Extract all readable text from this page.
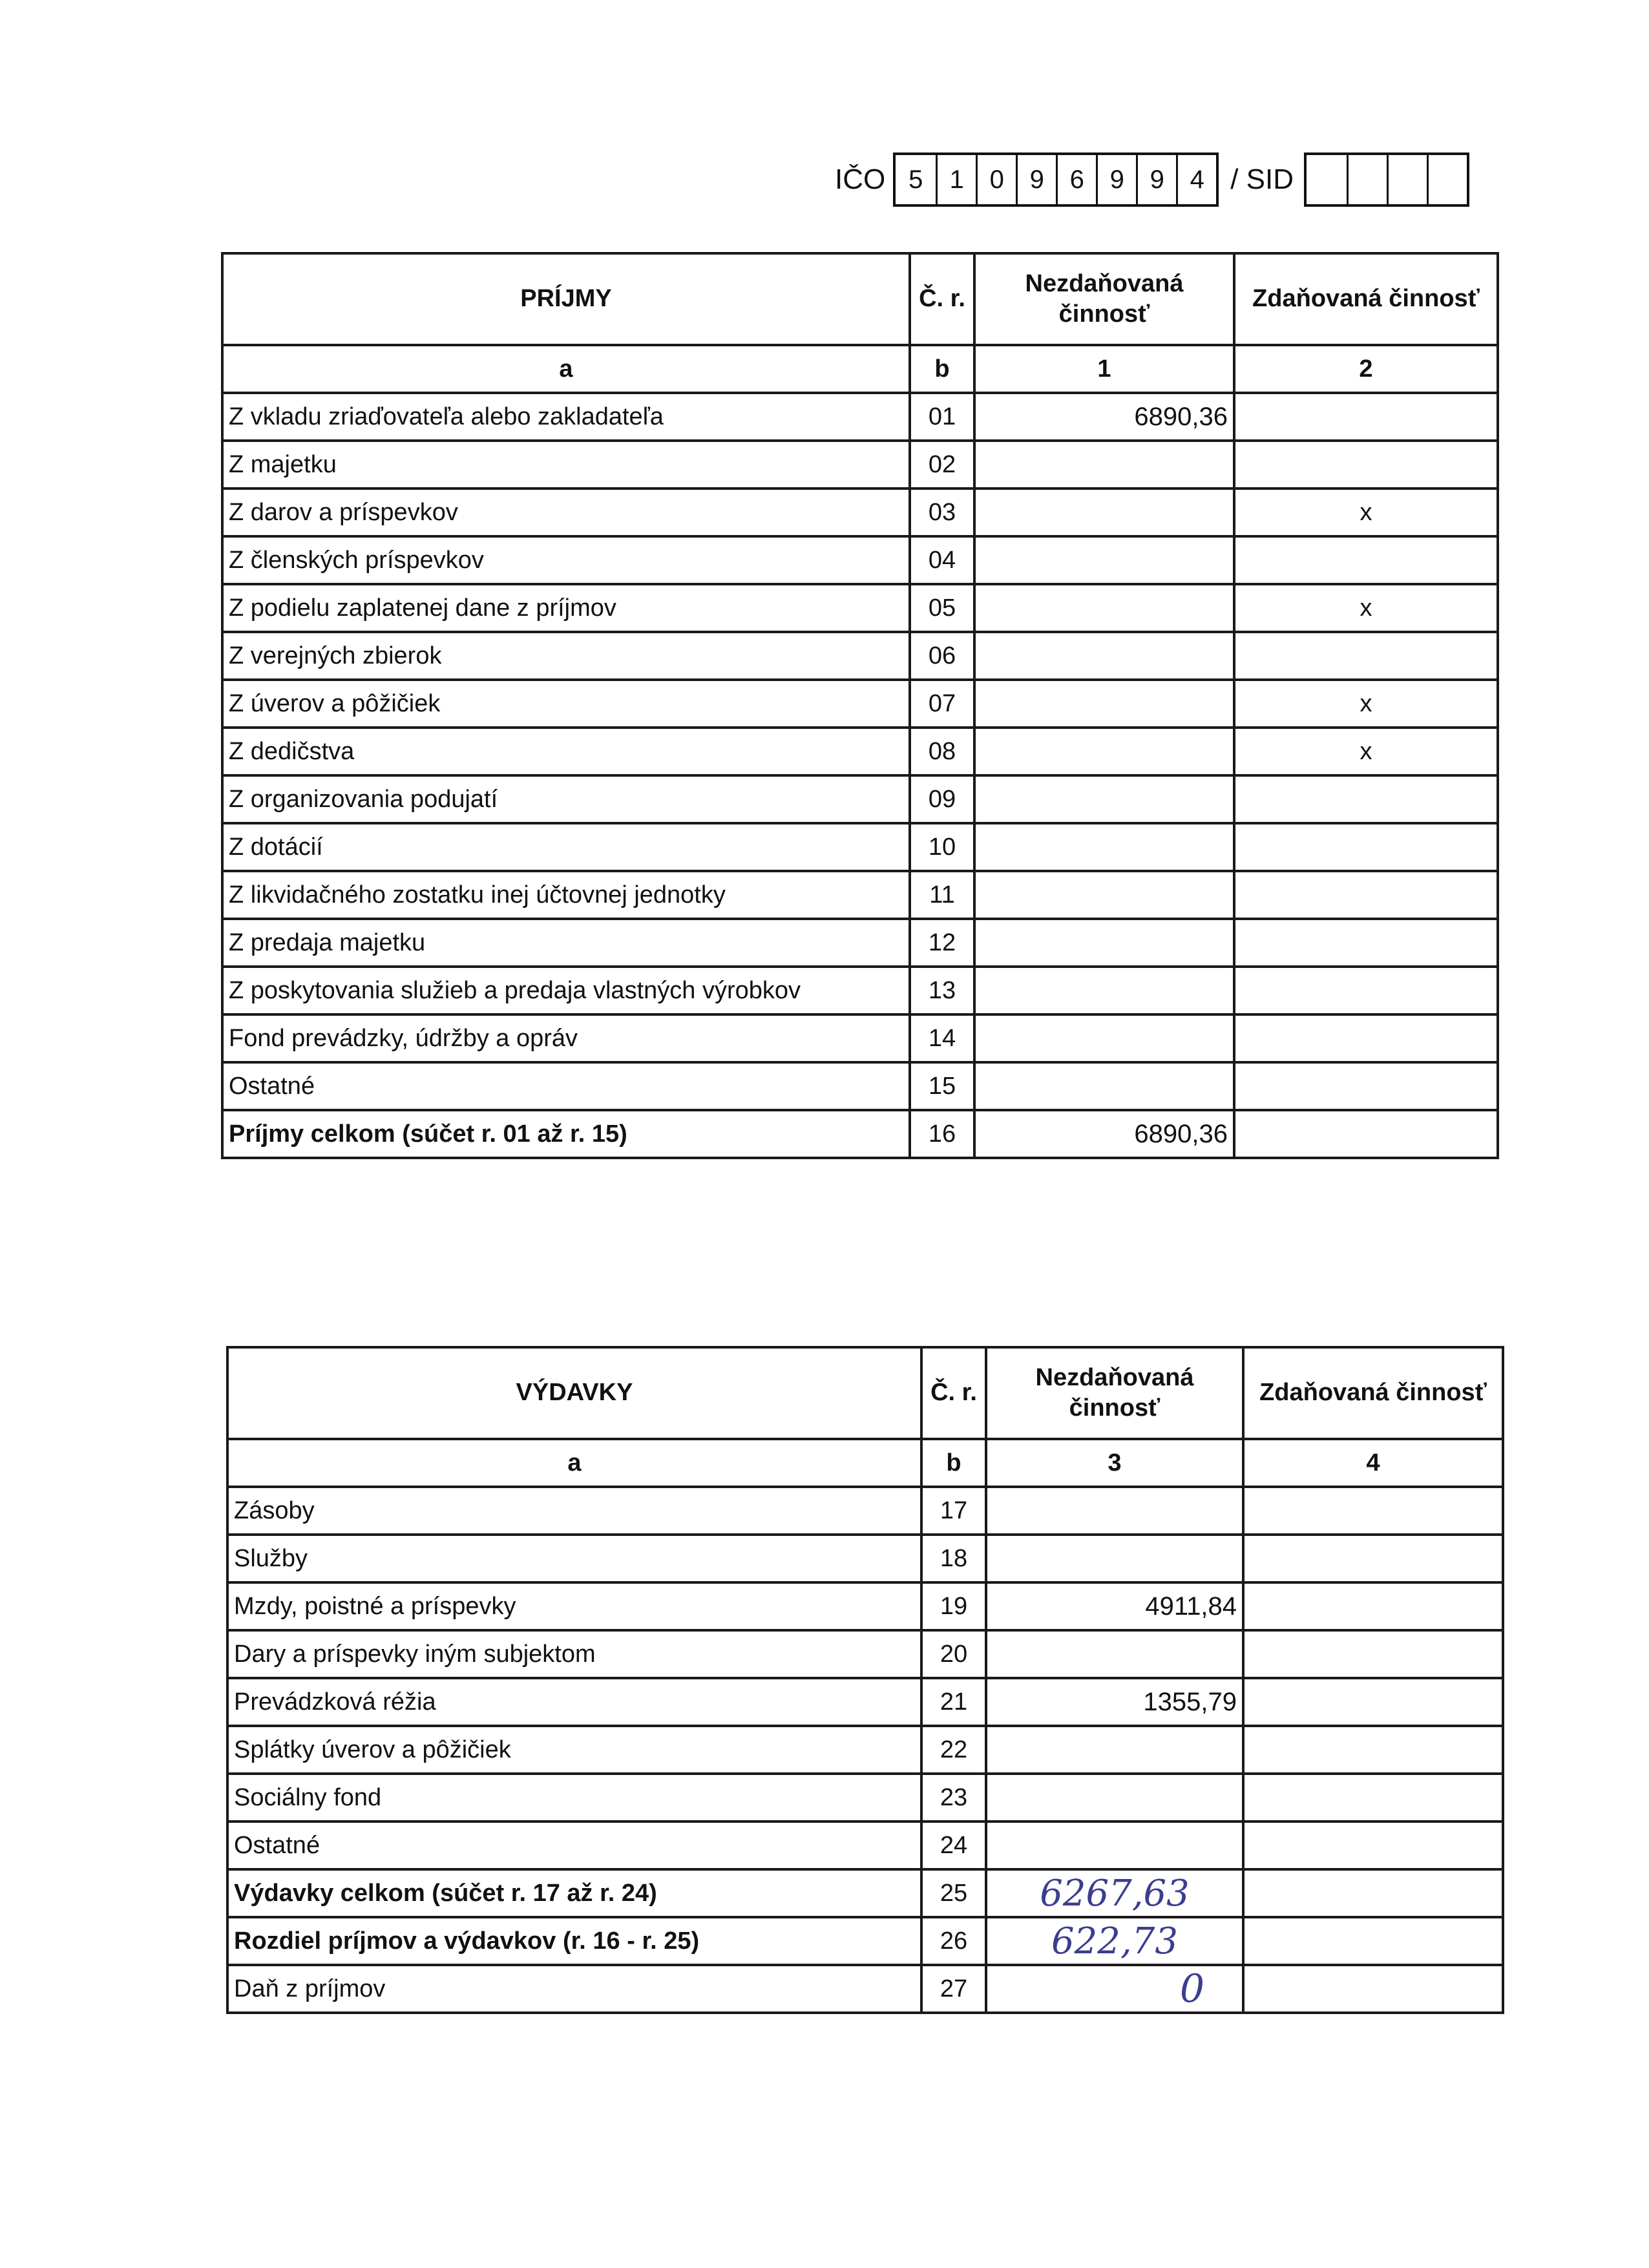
IČO 5	1 0 9 6 9 9 4 / SID
PRÍJMY	Č. r.	Nezdaňovaná činnosť	Zdaňovaná činnosť
a	b	1	2
Z vkladu zriaďovateľa alebo zakladateľa	01	6890,36	
Z majetku	02		
Z darov a príspevkov	03		x
Z členských príspevkov	04		
Z podielu zaplatenej dane z príjmov	05		x
Z verejných zbierok	06		
Z úverov a pôžičiek	07		x
Z dedičstva	08		x
Z organizovania podujatí	09		
Z dotácií	10		
Z likvidačného zostatku inej účtovnej jednotky	11		
Z predaja majetku	12		
Z poskytovania služieb a predaja vlastných výrobkov	13		
Fond prevádzky, údržby a opráv	14		
Ostatné	15		
Príjmy celkom (súčet r. 01 až r. 15)	16	6890,36	
VÝDAVKY	Č. r.	Nezdaňovaná činnosť	Zdaňovaná činnosť
a	b	3	4
Zásoby	17		
Služby	18		
Mzdy, poistné a príspevky	19	4911,84	
Dary a príspevky iným subjektom	20		
Prevádzková réžia	21	1355,79	
Splátky úverov a pôžičiek	22		
Sociálny fond	23		
Ostatné	24		
Výdavky celkom (súčet r. 17 až r. 24)	25	6267,63	
Rozdiel príjmov a výdavkov (r. 16 - r. 25)	26	622,73	
Daň z príjmov	27	0	
